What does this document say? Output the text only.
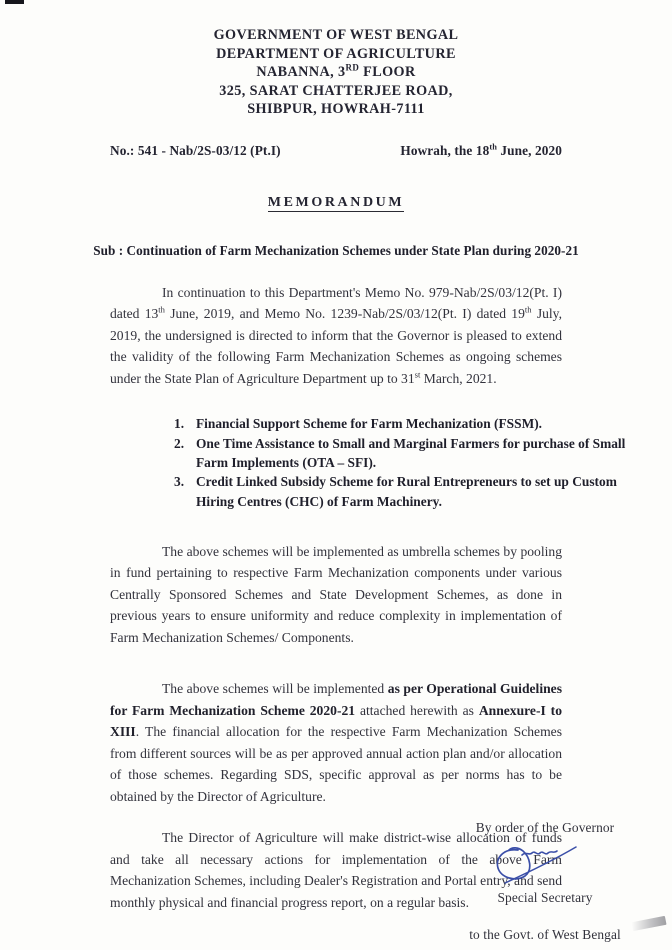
GOVERNMENT OF WEST BENGAL
DEPARTMENT OF AGRICULTURE
NABANNA, 3RD FLOOR
325, SARAT CHATTERJEE ROAD,
SHIBPUR, HOWRAH-7111
No.: 541 - Nab/2S-03/12 (Pt.I)	Howrah, the 18th June, 2020
MEMORANDUM
Sub : Continuation of Farm Mechanization Schemes under State Plan during 2020-21

In continuation to this Department's Memo No. 979-Nab/2S/03/12(Pt. I) dated 13th June, 2019, and Memo No. 1239-Nab/2S/03/12(Pt. I) dated 19th July, 2019, the undersigned is directed to inform that the Governor is pleased to extend the validity of the following Farm Mechanization Schemes as ongoing schemes under the State Plan of Agriculture Department up to 31st March, 2021.

Financial Support Scheme for Farm Mechanization (FSSM).
One Time Assistance to Small and Marginal Farmers for purchase of Small Farm Implements (OTA – SFI).
Credit Linked Subsidy Scheme for Rural Entrepreneurs to set up Custom Hiring Centres (CHC) of Farm Machinery.

The above schemes will be implemented as umbrella schemes by pooling in fund pertaining to respective Farm Mechanization components under various Centrally Sponsored Schemes and State Development Schemes, as done in previous years to ensure uniformity and reduce complexity in implementation of Farm Mechanization Schemes/ Components.

The above schemes will be implemented as per Operational Guidelines for Farm Mechanization Scheme 2020-21 attached herewith as Annexure-I to XIII. The financial allocation for the respective Farm Mechanization Schemes from different sources will be as per approved annual action plan and/or allocation of those schemes. Regarding SDS, specific approval as per norms has to be obtained by the Director of Agriculture.

The Director of Agriculture will make district-wise allocation of funds and take all necessary actions for implementation of the above Farm Mechanization Schemes, including Dealer's Registration and Portal entry, and send monthly physical and financial progress report, on a regular basis.

By order of the Governor
Special Secretary
to the Govt. of West Bengal
